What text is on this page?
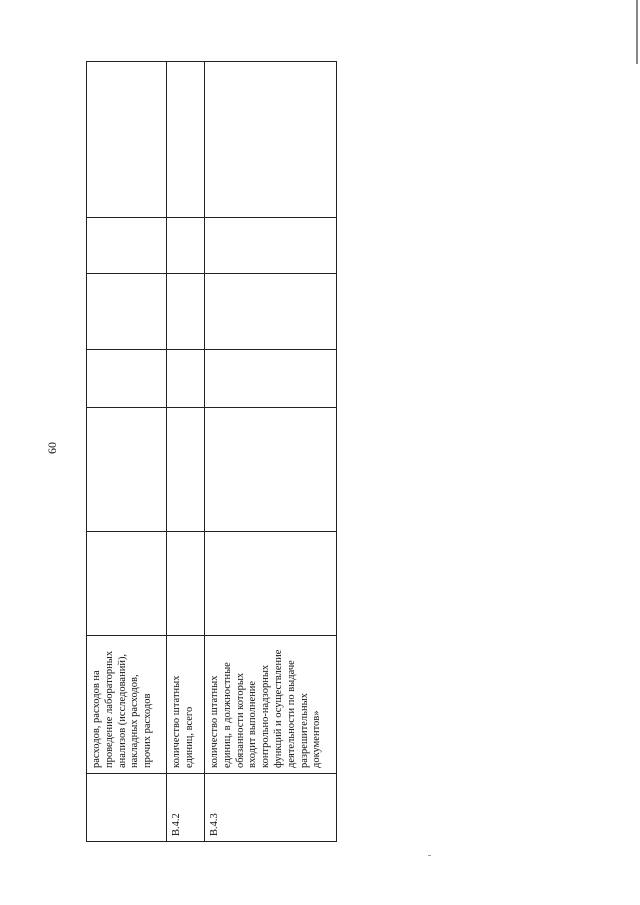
60
	расходов, расходов на проведение лабораторных анализов (исследований), накладных расходов, прочих расходов						
В.4.2	количество штатных единиц, всего						
В.4.3	количество штатных единиц, в должностные обязанности которых входит выполнение контрольно-надзорных функций и осуществление деятельности по выдаче разрешительных документов»						
